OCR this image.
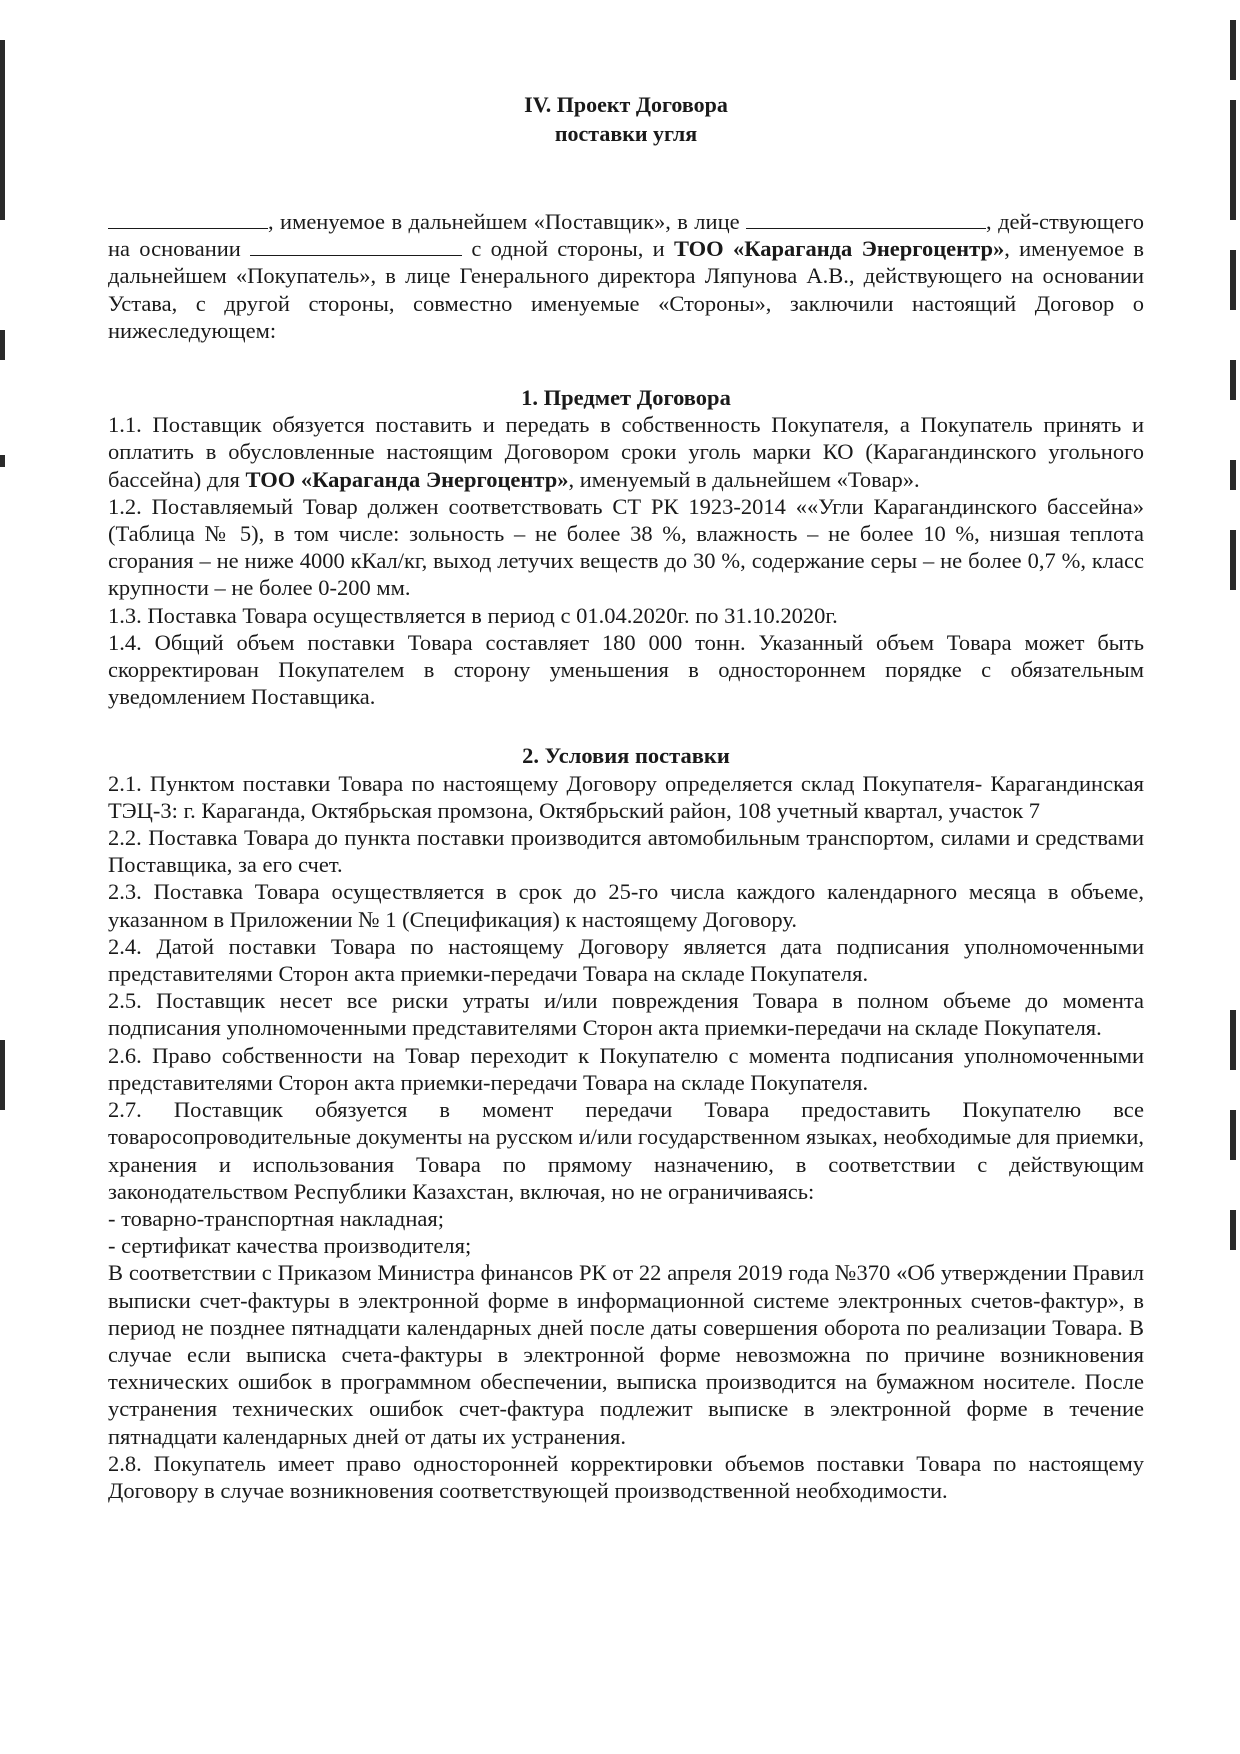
IV. Проект Договора
поставки угля

, именуемое в дальнейшем «Поставщик», в лице	, дей-ствующего на основании	с одной стороны, и ТОО «Караганда Энергоцентр», именуемое в дальнейшем «Покупатель», в лице Генерального директора Ляпунова А.В., действующего на основании Устава, с другой стороны, совместно именуемые «Стороны», заключили настоящий Договор о нижеследующем:

1. Предмет Договора

1.1. Поставщик обязуется поставить и передать в собственность Покупателя, а Покупатель принять и оплатить в обусловленные настоящим Договором сроки уголь марки КО (Карагандинского угольного бассейна) для ТОО «Караганда Энергоцентр», именуемый в дальнейшем «Товар».

1.2. Поставляемый Товар должен соответствовать СТ РК 1923-2014 ««Угли Карагандинского бассейна» (Таблица № 5), в том числе: зольность – не более 38 %, влажность – не более 10 %, низшая теплота сгорания – не ниже 4000 кКал/кг, выход летучих веществ до 30 %, содержание серы – не более 0,7 %, класс крупности – не более 0-200 мм.

1.3. Поставка Товара осуществляется в период с 01.04.2020г. по 31.10.2020г.

1.4. Общий объем поставки Товара составляет 180 000 тонн. Указанный объем Товара может быть скорректирован Покупателем в сторону уменьшения в одностороннем порядке с обязательным уведомлением Поставщика.

2. Условия поставки

2.1. Пунктом поставки Товара по настоящему Договору определяется склад Покупателя- Карагандинская ТЭЦ-3: г. Караганда, Октябрьская промзона, Октябрьский район, 108 учетный квартал, участок 7

2.2. Поставка Товара до пункта поставки производится автомобильным транспортом, силами и средствами Поставщика, за его счет.

2.3. Поставка Товара осуществляется в срок до 25-го числа каждого календарного месяца в объеме, указанном в Приложении № 1 (Спецификация) к настоящему Договору.

2.4. Датой поставки Товара по настоящему Договору является дата подписания уполномоченными представителями Сторон акта приемки-передачи Товара на складе Покупателя.

2.5. Поставщик несет все риски утраты и/или повреждения Товара в полном объеме до момента подписания уполномоченными представителями Сторон акта приемки-передачи на складе Покупателя.

2.6. Право собственности на Товар переходит к Покупателю с момента подписания уполномоченными представителями Сторон акта приемки-передачи Товара на складе Покупателя.

2.7. Поставщик обязуется в момент передачи Товара предоставить Покупателю все товаросопроводительные документы на русском и/или государственном языках, необходимые для приемки, хранения и использования Товара по прямому назначению, в соответствии с действующим законодательством Республики Казахстан, включая, но не ограничиваясь:

- товарно-транспортная накладная;

- сертификат качества производителя;

В соответствии с Приказом Министра финансов РК от 22 апреля 2019 года №370 «Об утверждении Правил выписки счет-фактуры в электронной форме в информационной системе электронных счетов-фактур», в период не позднее пятнадцати календарных дней после даты совершения оборота по реализации Товара. В случае если выписка счета-фактуры в электронной форме невозможна по причине возникновения технических ошибок в программном обеспечении, выписка производится на бумажном носителе. После устранения технических ошибок счет-фактура подлежит выписке в электронной форме в течение пятнадцати календарных дней от даты их устранения.

2.8. Покупатель имеет право односторонней корректировки объемов поставки Товара по настоящему Договору в случае возникновения соответствующей производственной необходимости.
